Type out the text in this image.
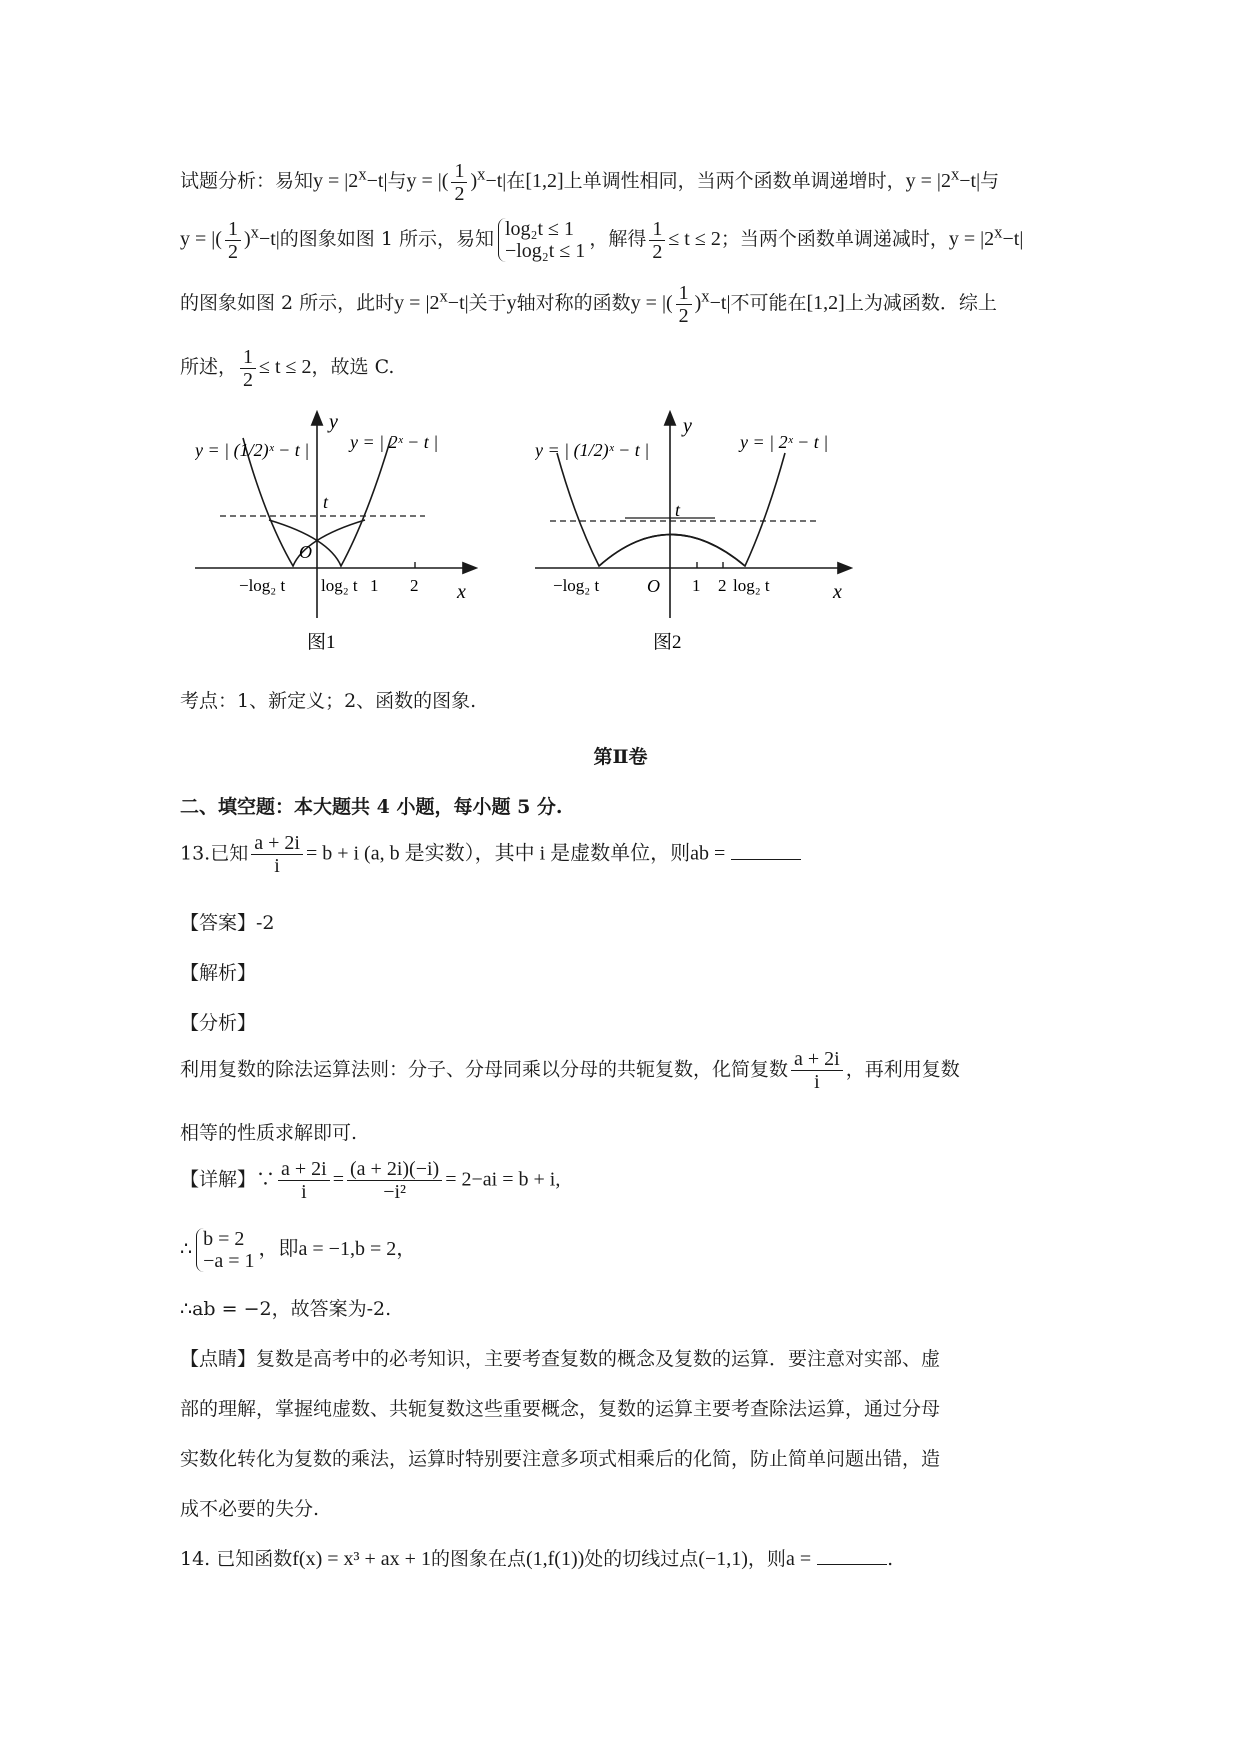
试题分析：易知$y = |2^x-t|$与y = |( $\frac{1}{2} )^x-t|$在[1,2]上单调性相同，当两个函数单调递增时，$y = |2^x-t|$与
y = |( $\frac{1}{2} )^x-t|$的图象如图 1 所示，易知 log₂t ≤ 1
−log₂t ≤ 1
，解得 $\frac{1}{2} \le t \le 2$；当两个函数单调递减时，$y = |2^x-t|$
的图象如图 2 所示，此时$y = |2^x-t|$关于y轴对称的函数y = |( $\frac{1}{2} )^x-t|$不可能在[1,2]上为减函数．综上
所述， $\frac{1}{2} \le t \le 2$，故选 C.
y = | (1/2)ˣ − t | y = | 2ˣ − t |
t
O
y
x
−log₂ t log₂ t 1 2
图1
y = | (1/2)ˣ − t |	y = | 2ˣ − t |
t
O
y
x
−log₂ t	1 2 log₂ t
图2
考点：1、新定义；2、函数的图象.
第Ⅱ卷
二、填空题：本大题共 4 小题，每小题 5 分.
13.已知 $\frac{a + 2i}{i} = b + i$ (a, b 是实数），其中 i 是虚数单位，则ab =
【答案】-2
【解析】
【分析】
利用复数的除法运算法则：分子、分母同乘以分母的共轭复数，化简复数 $\frac{a + 2i}{i}$ ，再利用复数
相等的性质求解即可.
【详解】∵ $\frac{a + 2i}{i} = \frac{(a + 2i)(-i)}{\text{−i²}} = 2-ai = b + i$,
∴ b = 2
−a = 1
，即a = −1,b = 2，
∴ab = −2，故答案为-2.
【点睛】复数是高考中的必考知识，主要考查复数的概念及复数的运算．要注意对实部、虚
部的理解，掌握纯虚数、共轭复数这些重要概念，复数的运算主要考查除法运算，通过分母
实数化转化为复数的乘法，运算时特别要注意多项式相乘后的化简，防止简单问题出错，造
成不必要的失分.
14. 已知函数f(x) = x³ + ax + 1的图象在点(1,f(1))处的切线过点(−1,1)，则a =	.
